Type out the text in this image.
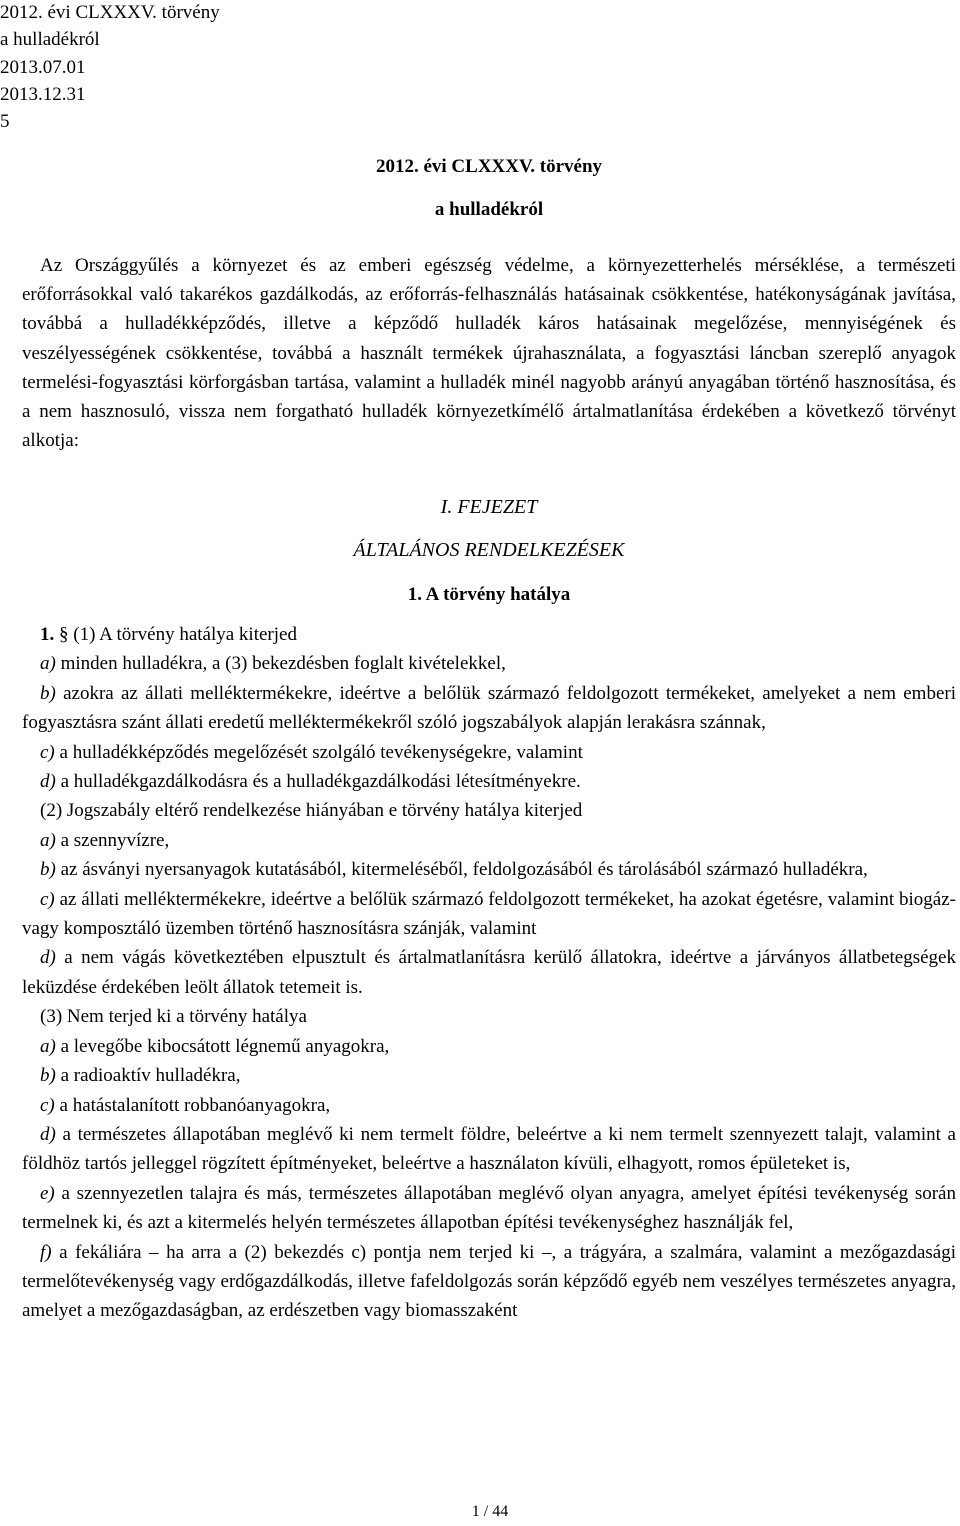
2012. évi CLXXXV. törvény

a hulladékról

2013.07.01

2013.12.31

5

2012. évi CLXXXV. törvény

a hulladékról

Az Országgyűlés a környezet és az emberi egészség védelme, a környezetterhelés mérséklése, a természeti erőforrásokkal való takarékos gazdálkodás, az erőforrás-felhasználás hatásainak csökkentése, hatékonyságának javítása, továbbá a hulladékképződés, illetve a képződő hulladék káros hatásainak megelőzése, mennyiségének és veszélyességének csökkentése, továbbá a használt termékek újrahasználata, a fogyasztási láncban szereplő anyagok termelési-fogyasztási körforgásban tartása, valamint a hulladék minél nagyobb arányú anyagában történő hasznosítása, és a nem hasznosuló, vissza nem forgatható hulladék környezetkímélő ártalmatlanítása érdekében a következő törvényt alkotja:

I. FEJEZET

ÁLTALÁNOS RENDELKEZÉSEK

1. A törvény hatálya

1. § (1) A törvény hatálya kiterjed

a) minden hulladékra, a (3) bekezdésben foglalt kivételekkel,

b) azokra az állati melléktermékekre, ideértve a belőlük származó feldolgozott termékeket, amelyeket a nem emberi fogyasztásra szánt állati eredetű melléktermékekről szóló jogszabályok alapján lerakásra szánnak,

c) a hulladékképződés megelőzését szolgáló tevékenységekre, valamint

d) a hulladékgazdálkodásra és a hulladékgazdálkodási létesítményekre.

(2) Jogszabály eltérő rendelkezése hiányában e törvény hatálya kiterjed

a) a szennyvízre,

b) az ásványi nyersanyagok kutatásából, kitermeléséből, feldolgozásából és tárolásából származó hulladékra,

c) az állati melléktermékekre, ideértve a belőlük származó feldolgozott termékeket, ha azokat égetésre, valamint biogáz- vagy komposztáló üzemben történő hasznosításra szánják, valamint

d) a nem vágás következtében elpusztult és ártalmatlanításra kerülő állatokra, ideértve a járványos állatbetegségek leküzdése érdekében leölt állatok tetemeit is.

(3) Nem terjed ki a törvény hatálya

a) a levegőbe kibocsátott légnemű anyagokra,

b) a radioaktív hulladékra,

c) a hatástalanított robbanóanyagokra,

d) a természetes állapotában meglévő ki nem termelt földre, beleértve a ki nem termelt szennyezett talajt, valamint a földhöz tartós jelleggel rögzített építményeket, beleértve a használaton kívüli, elhagyott, romos épületeket is,

e) a szennyezetlen talajra és más, természetes állapotában meglévő olyan anyagra, amelyet építési tevékenység során termelnek ki, és azt a kitermelés helyén természetes állapotban építési tevékenységhez használják fel,

f) a fekáliára – ha arra a (2) bekezdés c) pontja nem terjed ki –, a trágyára, a szalmára, valamint a mezőgazdasági termelőtevékenység vagy erdőgazdálkodás, illetve fafeldolgozás során képződő egyéb nem veszélyes természetes anyagra, amelyet a mezőgazdaságban, az erdészetben vagy biomasszaként

1 / 44
